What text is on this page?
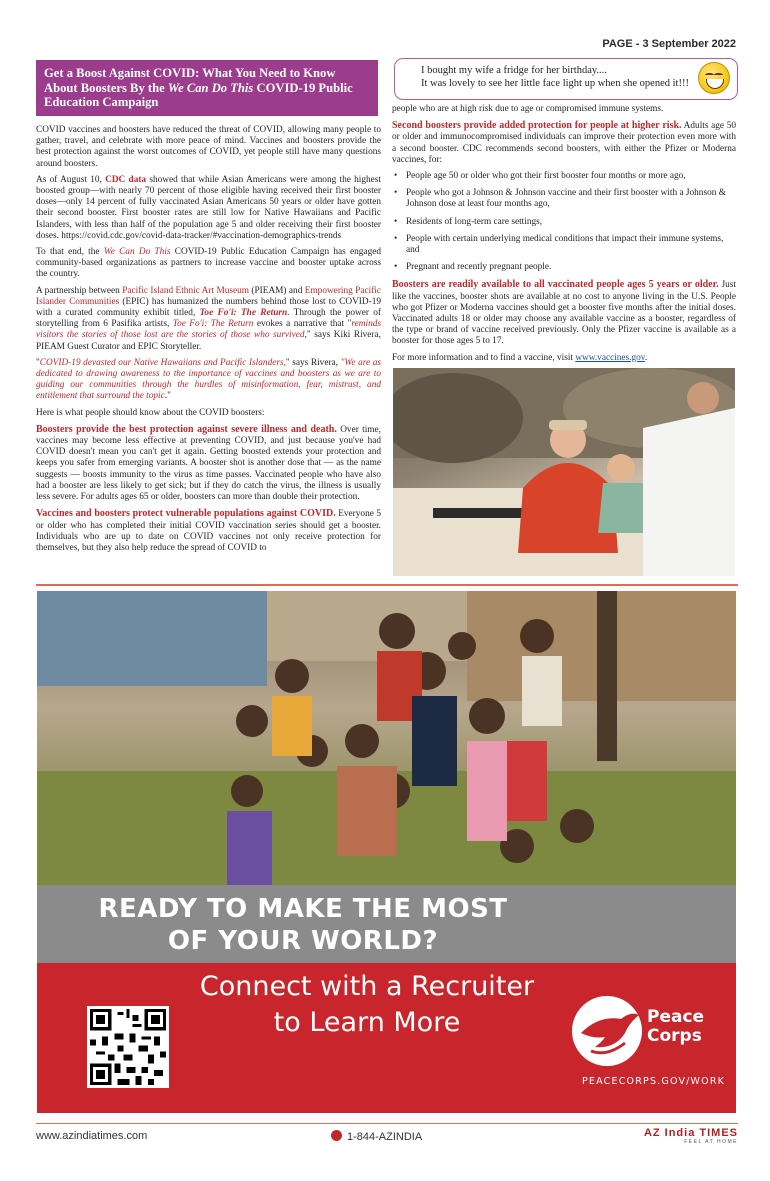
PAGE - 3 September 2022
Get a Boost Against COVID: What You Need to Know About Boosters By the We Can Do This COVID-19 Public Education Campaign
I bought my wife a fridge for her birthday....
It was lovely to see her little face light up when she opened it!!!

COVID vaccines and boosters have reduced the threat of COVID, allowing many people to gather, travel, and celebrate with more peace of mind. Vaccines and boosters provide the best protection against the worst outcomes of COVID, yet people still have many questions around boosters.

As of August 10, CDC data showed that while Asian Americans were among the highest boosted group—with nearly 70 percent of those eligible having received their first booster doses—only 14 percent of fully vaccinated Asian Americans 50 years or older have gotten their second booster. First booster rates are still low for Native Hawaiians and Pacific Islanders, with less than half of the population age 5 and older receiving their first booster doses. https://covid.cdc.gov/covid-data-tracker/#vaccination-demographics-trends

To that end, the We Can Do This COVID-19 Public Education Campaign has engaged community-based organizations as partners to increase vaccine and booster uptake across the country.

A partnership between Pacific Island Ethnic Art Museum (PIEAM) and Empowering Pacific Islander Communities (EPIC) has humanized the numbers behind those lost to COVID-19 with a curated community exhibit titled, Toe Fo'i: The Return. Through the power of storytelling from 6 Pasifika artists, Toe Fo'i: The Return evokes a narrative that "reminds visitors the stories of those lost are the stories of those who survived," says Kiki Rivera, PIEAM Guest Curator and EPIC Storyteller.

"COVID-19 devasted our Native Hawaiians and Pacific Islanders," says Rivera, "We are as dedicated to drawing awareness to the importance of vaccines and boosters as we are to guiding our communities through the hurdles of misinformation, fear, mistrust, and entitlement that surround the topic."

Here is what people should know about the COVID boosters:

Boosters provide the best protection against severe illness and death. Over time, vaccines may become less effective at preventing COVID, and just because you've had COVID doesn't mean you can't get it again. Getting boosted extends your protection and keeps you safer from emerging variants. A booster shot is another dose that — as the name suggests — boosts immunity to the virus as time passes. Vaccinated people who have also had a booster are less likely to get sick; but if they do catch the virus, the illness is usually less severe. For adults ages 65 or older, boosters can more than double their protection.

Vaccines and boosters protect vulnerable populations against COVID. Everyone 5 or older who has completed their initial COVID vaccination series should get a booster. Individuals who are up to date on COVID vaccines not only receive protection for themselves, but they also help reduce the spread of COVID to

people who are at high risk due to age or compromised immune systems.

Second boosters provide added protection for people at higher risk. Adults age 50 or older and immunocompromised individuals can improve their protection even more with a second booster. CDC recommends second boosters, with either the Pfizer or Moderna vaccines, for:

• People age 50 or older who got their first booster four months or more ago,
• People who got a Johnson & Johnson vaccine and their first booster with a Johnson & Johnson dose at least four months ago,
• Residents of long-term care settings,
• People with certain underlying medical conditions that impact their immune systems, and
• Pregnant and recently pregnant people.

Boosters are readily available to all vaccinated people ages 5 years or older. Just like the vaccines, booster shots are available at no cost to anyone living in the U.S. People who got Pfizer or Moderna vaccines should get a booster five months after the initial doses. Vaccinated adults 18 or older may choose any available vaccine as a booster, regardless of the type or brand of vaccine received previously. Only the Pfizer vaccine is available as a booster for those ages 5 to 17.

For more information and to find a vaccine, visit www.vaccines.gov.

READY TO MAKE THE MOST
OF YOUR WORLD?
Connect with a Recruiter
to Learn More	Peace
Corps
PEACECORPS.GOV/WORK
www.azindiatimes.com	1-844-AZINDIA	AZ India TIMES
FEEL AT HOME
